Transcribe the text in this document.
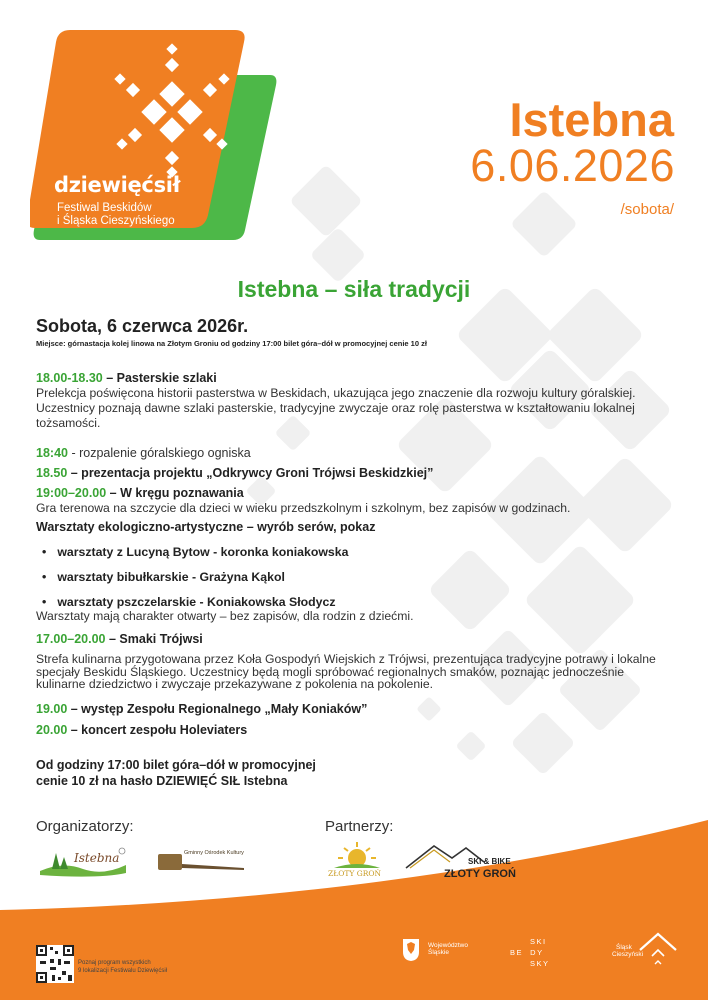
dziewięćsił
Festiwal Beskidów
i Śląska Cieszyńskiego
Istebna
6.06.2026
/sobota/
Istebna – siła tradycji
Sobota, 6 czerwca 2026r.
Miejsce: górnastacja kolej linowa na Złotym Groniu od godziny 17:00 bilet góra–dół w promocyjnej cenie 10 zł
18.00-18.30 – Pasterskie szlaki
Prelekcja poświęcona historii pasterstwa w Beskidach, ukazująca jego znaczenie dla rozwoju kultury góralskiej. Uczestnicy poznają dawne szlaki pasterskie, tradycyjne zwyczaje oraz rolę pasterstwa w kształtowaniu lokalnej tożsamości.
18:40 - rozpalenie góralskiego ogniska
18.50 – prezentacja projektu „Odkrywcy Groni Trójwsi Beskidzkiej”
19:00–20.00 – W kręgu poznawania
Gra terenowa na szczycie dla dzieci w wieku przedszkolnym i szkolnym, bez zapisów w godzinach.
Warsztaty ekologiczno-artystyczne – wyrób serów, pokaz
• warsztaty z Lucyną Bytow - koronka koniakowska
• warsztaty bibułkarskie - Grażyna Kąkol
• warsztaty pszczelarskie - Koniakowska Słodycz
Warsztaty mają charakter otwarty – bez zapisów, dla rodzin z dziećmi.
17.00–20.00 – Smaki Trójwsi
Strefa kulinarna przygotowana przez Koła Gospodyń Wiejskich z Trójwsi, prezentująca tradycyjne potrawy i lokalne specjały Beskidu Śląskiego. Uczestnicy będą mogli spróbować regionalnych smaków, poznając jednocześnie kulinarne dziedzictwo i zwyczaje przekazywane z pokolenia na pokolenie.
19.00 – występ Zespołu Regionalnego „Mały Koniaków”
20.00 – koncert zespołu Holeviaters
Od godziny 17:00 bilet góra–dół w promocyjnej
cenie 10 zł na hasło DZIEWIĘĆ SIŁ Istebna
Organizatorzy:	Partnerzy:
Istebna	Gminny Ośrodek Kultury
ZŁOTY GROŃ
SKI & BIKE
ZŁOTY GROŃ
Poznaj program wszystkich
9 lokalizacji Festiwalu Dziewięćsił
Województwo
Śląskie
SKI
BE  DY
SKY
Śląsk
Cieszyński
